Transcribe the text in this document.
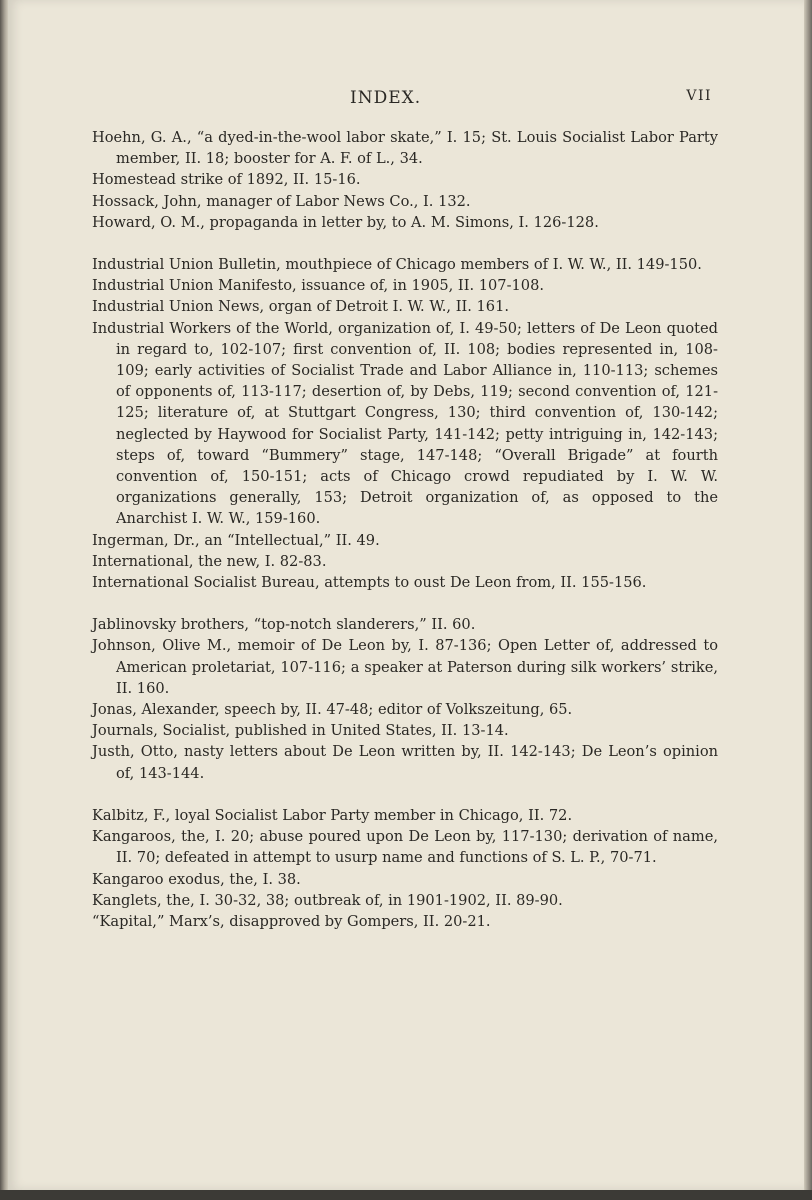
INDEX.	VII

Hoehn, G. A., “a dyed-in-the-wool labor skate,” I. 15; St. Louis Socialist Labor Party member, II. 18; booster for A. F. of L., 34.

Homestead strike of 1892, II. 15-16.

Hossack, John, manager of Labor News Co., I. 132.

Howard, O. M., propaganda in letter by, to A. M. Simons, I. 126-128.

Industrial Union Bulletin, mouthpiece of Chicago members of I. W. W., II. 149-150.

Industrial Union Manifesto, issuance of, in 1905, II. 107-108.

Industrial Union News, organ of Detroit I. W. W., II. 161.

Industrial Workers of the World, organization of, I. 49-50; letters of De Leon quoted in regard to, 102-107; first convention of, II. 108; bodies represented in, 108-109; early activities of Socialist Trade and Labor Alliance in, 110-113; schemes of opponents of, 113-117; desertion of, by Debs, 119; second convention of, 121-125; literature of, at Stuttgart Congress, 130; third convention of, 130-142; neglected by Haywood for Socialist Party, 141-142; petty intriguing in, 142-143; steps of, toward “Bummery” stage, 147-148; “Overall Brigade” at fourth convention of, 150-151; acts of Chicago crowd repudiated by I. W. W. organizations generally, 153; Detroit organization of, as opposed to the Anarchist I. W. W., 159-160.

Ingerman, Dr., an “Intellectual,” II. 49.

International, the new, I. 82-83.

International Socialist Bureau, attempts to oust De Leon from, II. 155-156.

Jablinovsky brothers, “top-notch slanderers,” II. 60.

Johnson, Olive M., memoir of De Leon by, I. 87-136; Open Letter of, addressed to American proletariat, 107-116; a speaker at Paterson during silk workers’ strike, II. 160.

Jonas, Alexander, speech by, II. 47-48; editor of Volkszeitung, 65.

Journals, Socialist, published in United States, II. 13-14.

Justh, Otto, nasty letters about De Leon written by, II. 142-143; De Leon’s opinion of, 143-144.

Kalbitz, F., loyal Socialist Labor Party member in Chicago, II. 72.

Kangaroos, the, I. 20; abuse poured upon De Leon by, 117-130; derivation of name, II. 70; defeated in attempt to usurp name and functions of S. L. P., 70-71.

Kangaroo exodus, the, I. 38.

Kanglets, the, I. 30-32, 38; outbreak of, in 1901-1902, II. 89-90.

“Kapital,” Marx’s, disapproved by Gompers, II. 20-21.
